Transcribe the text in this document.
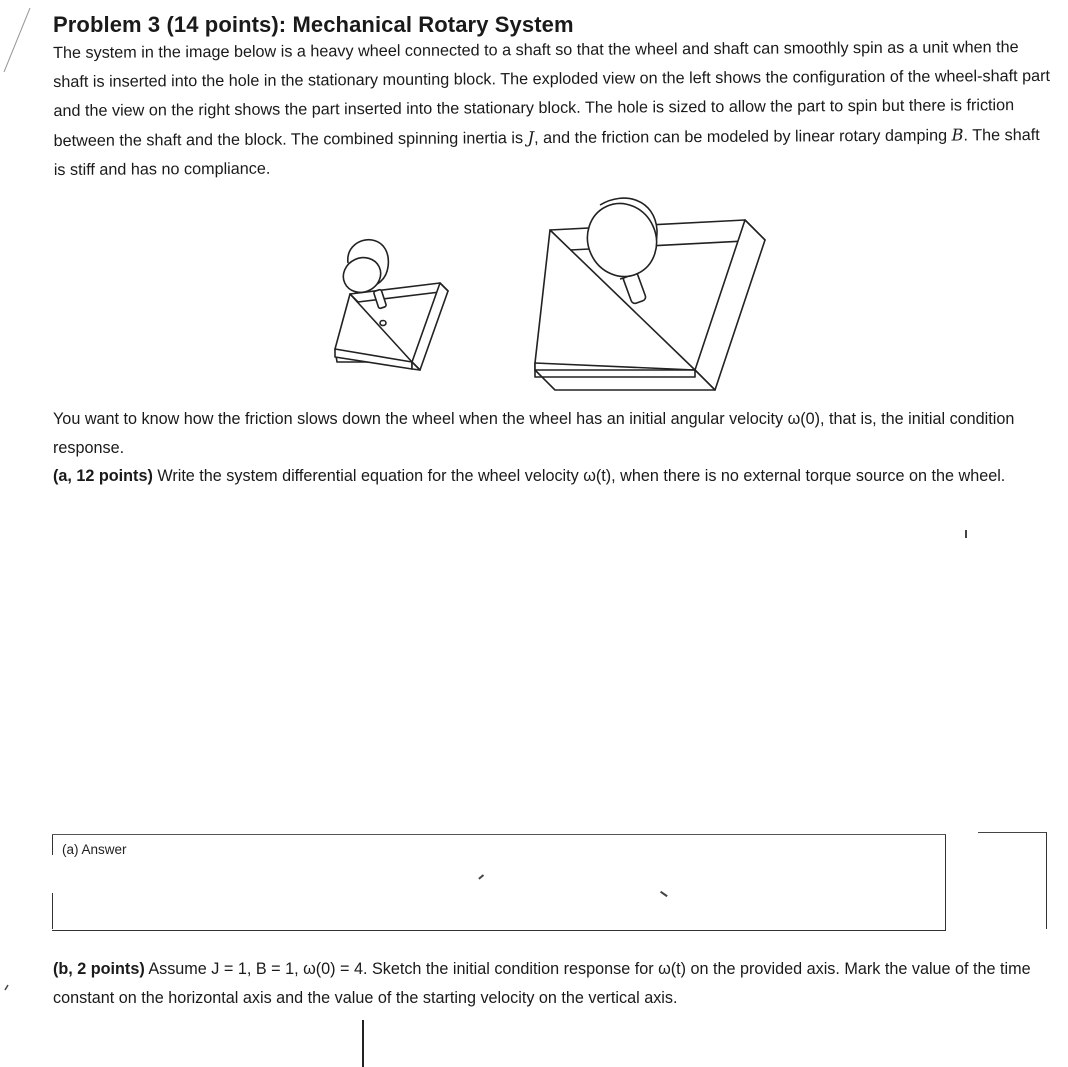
Problem 3 (14 points): Mechanical Rotary System
The system in the image below is a heavy wheel connected to a shaft so that the wheel and shaft can smoothly spin as a unit when the shaft is inserted into the hole in the stationary mounting block. The exploded view on the left shows the configuration of the wheel-shaft part and the view on the right shows the part inserted into the stationary block. The hole is sized to allow the part to spin but there is friction between the shaft and the block. The combined spinning inertia is J, and the friction can be modeled by linear rotary damping B. The shaft is stiff and has no compliance.
You want to know how the friction slows down the wheel when the wheel has an initial angular velocity ω(0), that is, the initial condition response.
(a, 12 points) Write the system differential equation for the wheel velocity ω(t), when there is no external torque source on the wheel.
(a) Answer
(b, 2 points) Assume J = 1, B = 1, ω(0) = 4. Sketch the initial condition response for ω(t) on the provided axis. Mark the value of the time constant on the horizontal axis and the value of the starting velocity on the vertical axis.
